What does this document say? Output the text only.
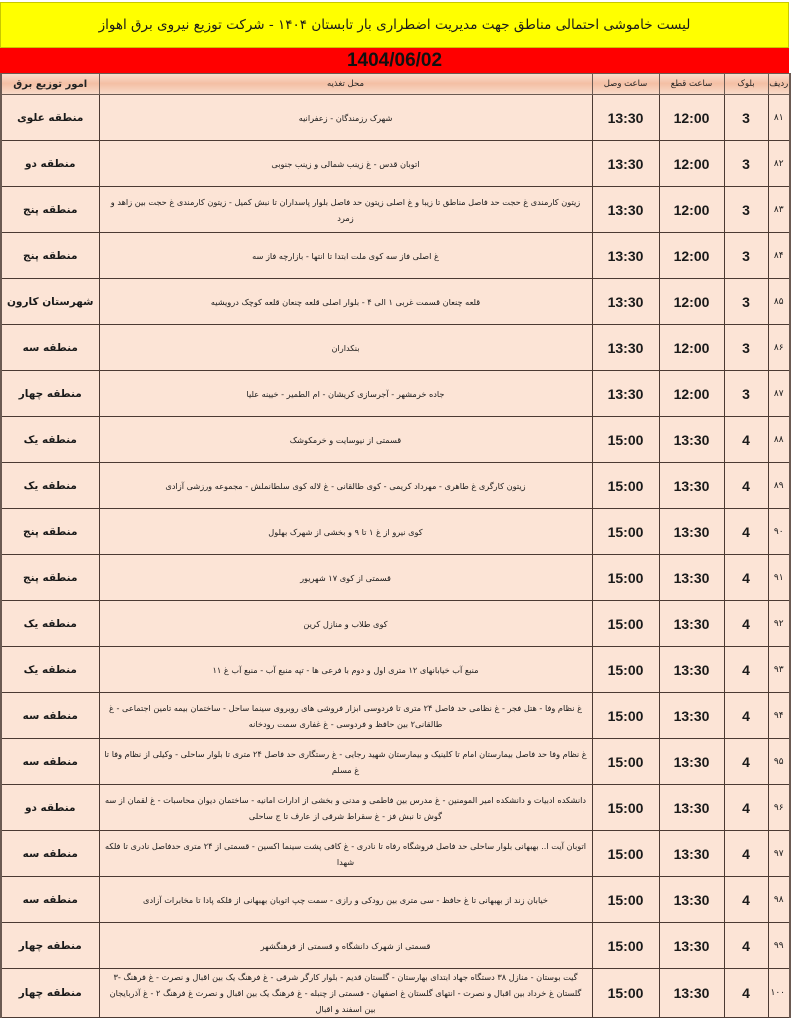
لیست خاموشی احتمالی مناطق جهت مدیریت اضطراری بار تابستان ۱۴۰۴ - شرکت توزیع نیروی برق اهواز
1404/06/02
ردیف	بلوک	ساعت قطع	ساعت وصل	محل تغذیه	امور توزیع برق
۸۱	3	12:00	13:30	شهرک رزمندگان - زعفرانیه	منطقه علوی
۸۲	3	12:00	13:30	اتوبان قدس - غ زینب شمالی و زینب جنوبی	منطقه دو
۸۳	3	12:00	13:30	زیتون کارمندی غ حجت حد فاصل مناطق تا زیبا و غ اصلی زیتون حد فاصل بلوار پاسداران تا نبش کمیل - زیتون کارمندی غ حجت بین زاهد و زمرد	منطقه پنج
۸۴	3	12:00	13:30	غ اصلی فاز سه کوی ملت ابتدا تا انتها - بازارچه فاز سه	منطقه پنج
۸۵	3	12:00	13:30	قلعه چنعان قسمت غربی ۱ الی ۴ - بلوار اصلی قلعه چنعان قلعه کوچک درویشیه	شهرستان کارون
۸۶	3	12:00	13:30	بنکداران	منطقه سه
۸۷	3	12:00	13:30	جاده خرمشهر - آجرسازی کریشان - ام الطمیر - خیینه علیا	منطقه چهار
۸۸	4	13:30	15:00	قسمتی از نیوسایت و خرمکوشک	منطقه یک
۸۹	4	13:30	15:00	زیتون کارگری غ طاهری - مهرداد کریمی - کوی طالقانی - غ لاله کوی سلطانملش - مجموعه ورزشی آزادی	منطقه یک
۹۰	4	13:30	15:00	کوی نیرو از غ ۱ تا ۹ و بخشی از شهرک بهلول	منطقه پنج
۹۱	4	13:30	15:00	قسمتی از کوی ۱۷ شهریور	منطقه پنج
۹۲	4	13:30	15:00	کوی طلاب و منازل کرین	منطقه یک
۹۳	4	13:30	15:00	منبع آب خیابانهای ۱۲ متری اول و دوم با فرعی ها - تپه منبع آب - منبع آب غ ۱۱	منطقه یک
۹۴	4	13:30	15:00	غ نظام وفا - هتل فجر - غ نظامی حد فاصل ۲۴ متری تا فردوسی ابزار فروشی های روبروی سینما ساحل - ساختمان بیمه تامین اجتماعی - غ طالقانی۲ بین حافظ و فردوسی - غ غفاری سمت رودخانه	منطقه سه
۹۵	4	13:30	15:00	غ نظام وفا حد فاصل بیمارستان امام تا کلینیک و بیمارستان شهید رجایی - غ رستگاری حد فاصل ۲۴ متری تا بلوار ساحلی - وکیلی از نظام وفا تا غ مسلم	منطقه سه
۹۶	4	13:30	15:00	دانشکده ادبیات و دانشکده امیر المومنین - غ مدرس بین فاطمی و مدنی و بخشی از ادارات امانیه - ساختمان دیوان محاسبات - غ لقمان از سه گوش تا نبش فز - غ سقراط شرقی از عارف تا ج ساحلی	منطقه دو
۹۷	4	13:30	15:00	اتوبان آیت ا.. بهبهانی بلوار ساحلی حد فاصل فروشگاه رفاه تا نادری - غ کافی پشت سینما اکسین - قسمتی از ۲۴ متری حدفاصل نادری تا فلکه شهدا	منطقه سه
۹۸	4	13:30	15:00	خیابان زند از بهبهانی تا غ حافظ - سی متری بین رودکی و رازی - سمت چپ اتوبان بهبهانی از فلکه پادا تا مخابرات آزادی	منطقه سه
۹۹	4	13:30	15:00	قسمتی از شهرک دانشگاه و قسمتی از فرهنگشهر	منطقه چهار
۱۰۰	4	13:30	15:00	گیت بوستان - منازل ۳۸ دستگاه جهاد ابتدای بهارستان - گلستان قدیم - بلوار کارگر شرقی - غ فرهنگ یک بین اقبال و نصرت - غ فرهنگ -۳ گلستان غ خرداد بین اقبال و نصرت - انتهای گلستان غ اصفهان - قسمتی از چنبله - غ فرهنگ یک بین اقبال و نصرت غ فرهنگ ۲ - غ آذربایجان بین اسفند و اقبال	منطقه چهار
